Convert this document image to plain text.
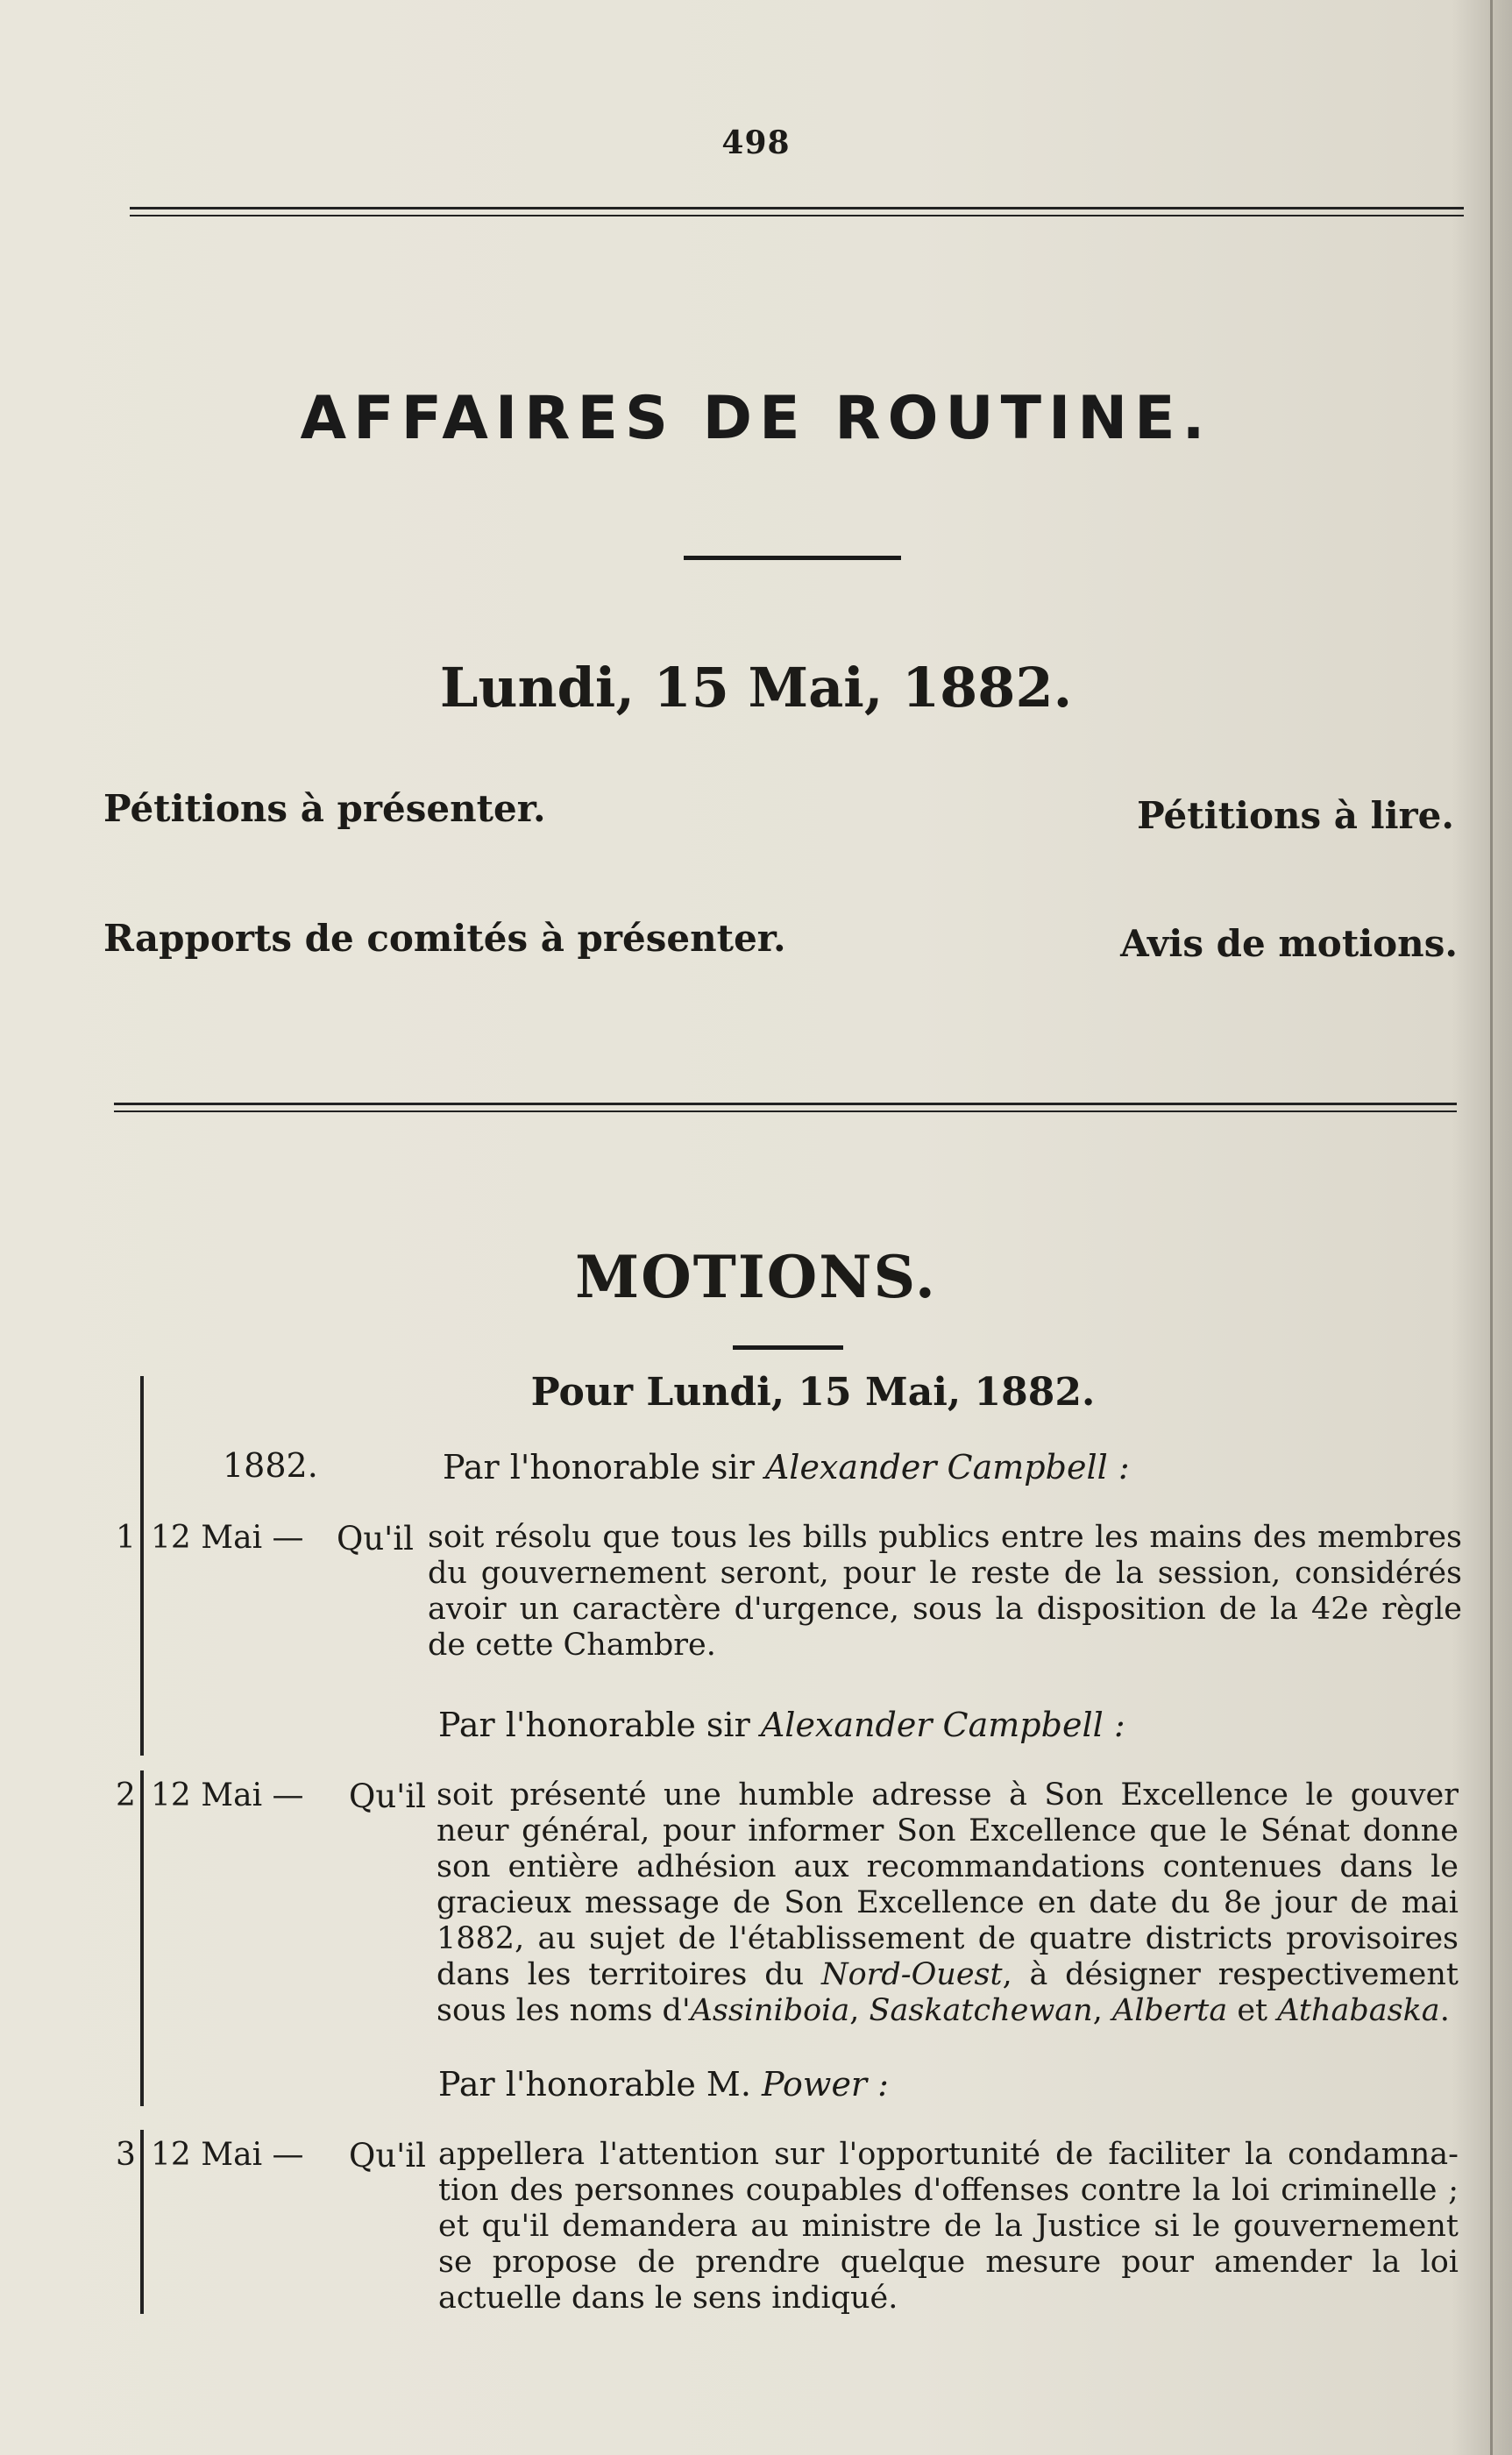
498
AFFAIRES DE ROUTINE.
Lundi, 15 Mai, 1882.
Pétitions à présenter.	Pétitions à lire.
Rapports de comités à présenter.	Avis de motions.
MOTIONS.
Pour Lundi, 15 Mai, 1882.
1882.	Par l'honorable sir Alexander Campbell :
1 12 Mai — Qu'il soit résolu que tous les bills publics entre les mains des membres
du gouvernement seront, pour le reste de la session, considérés
avoir un caractère d'urgence, sous la disposition de la 42e règle
de cette Chambre.
Par l'honorable sir Alexander Campbell :
2 12 Mai — Qu'il soit présenté une humble adresse à Son Excellence le gouver
neur général, pour informer Son Excellence que le Sénat donne
son entière adhésion aux recommandations contenues dans le
gracieux message de Son Excellence en date du 8e jour de mai
1882, au sujet de l'établissement de quatre districts provisoires
dans les territoires du Nord-Ouest, à désigner respectivement
sous les noms d'Assiniboia, Saskatchewan, Alberta et Athabaska.
Par l'honorable M. Power :
3 12 Mai — Qu'il appellera l'attention sur l'opportunité de faciliter la condamna-
tion des personnes coupables d'offenses contre la loi criminelle ;
et qu'il demandera au ministre de la Justice si le gouvernement
se propose de prendre quelque mesure pour amender la loi
actuelle dans le sens indiqué.
